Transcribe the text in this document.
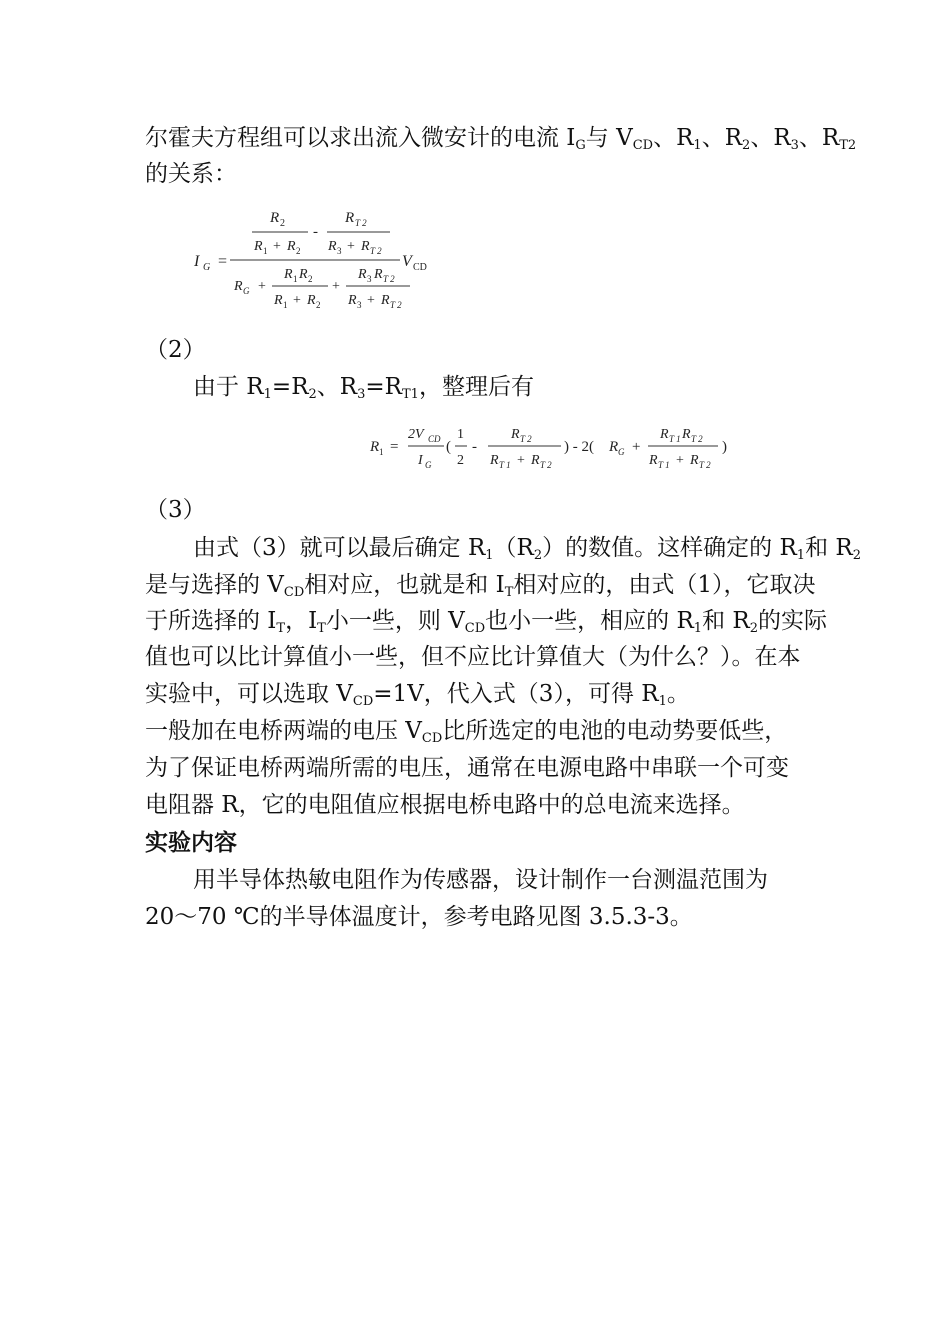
尔霍夫方程组可以求出流入微安计的电流 $I_G$与 $V_{CD}$、$R_1$、$R_2$、$R_3$、$R_{T2}$
的关系：
I G =
R 2
R 1 + R 2
-
R T 2
R 3 + R T 2
V CD
R G +
R 1 R 2
R 1 + R 2
+
R 3 R T 2
R 3 + R T 2
（2）
由于 $R_1=R_2$、$R_3=R_{T1}$，整理后有
R 1 =
2V CD
I G
(
1
2
-
R T 2
R T 1 + R T 2
) - 2( R G +
R T 1 R T 2
R T 1 + R T 2
)
（3）
由式（3）就可以最后确定 $R_1(R_2)$的数值。这样确定的 $R_1$和 $R_2$
是与选择的 $V_{CD}$相对应，也就是和 $I_T$相对应的，由式（1），它取决
于所选择的 $I_T$，$I_T$小一些，则 $V_{CD}$也小一些，相应的 $R_1$和 $R_2$的实际
值也可以比计算值小一些，但不应比计算值大（为什么？）。在本
实验中，可以选取 $V_{CD}=1V$，代入式（3），可得 $R_1$。
一般加在电桥两端的电压 $V_{CD}$比所选定的电池的电动势要低些，
为了保证电桥两端所需的电压，通常在电源电路中串联一个可变
电阻器 R，它的电阻值应根据电桥电路中的总电流来选择。
实验内容
用半导体热敏电阻作为传感器，设计制作一台测温范围为
20～70 ℃的半导体温度计，参考电路见图 3.5.3-3。
